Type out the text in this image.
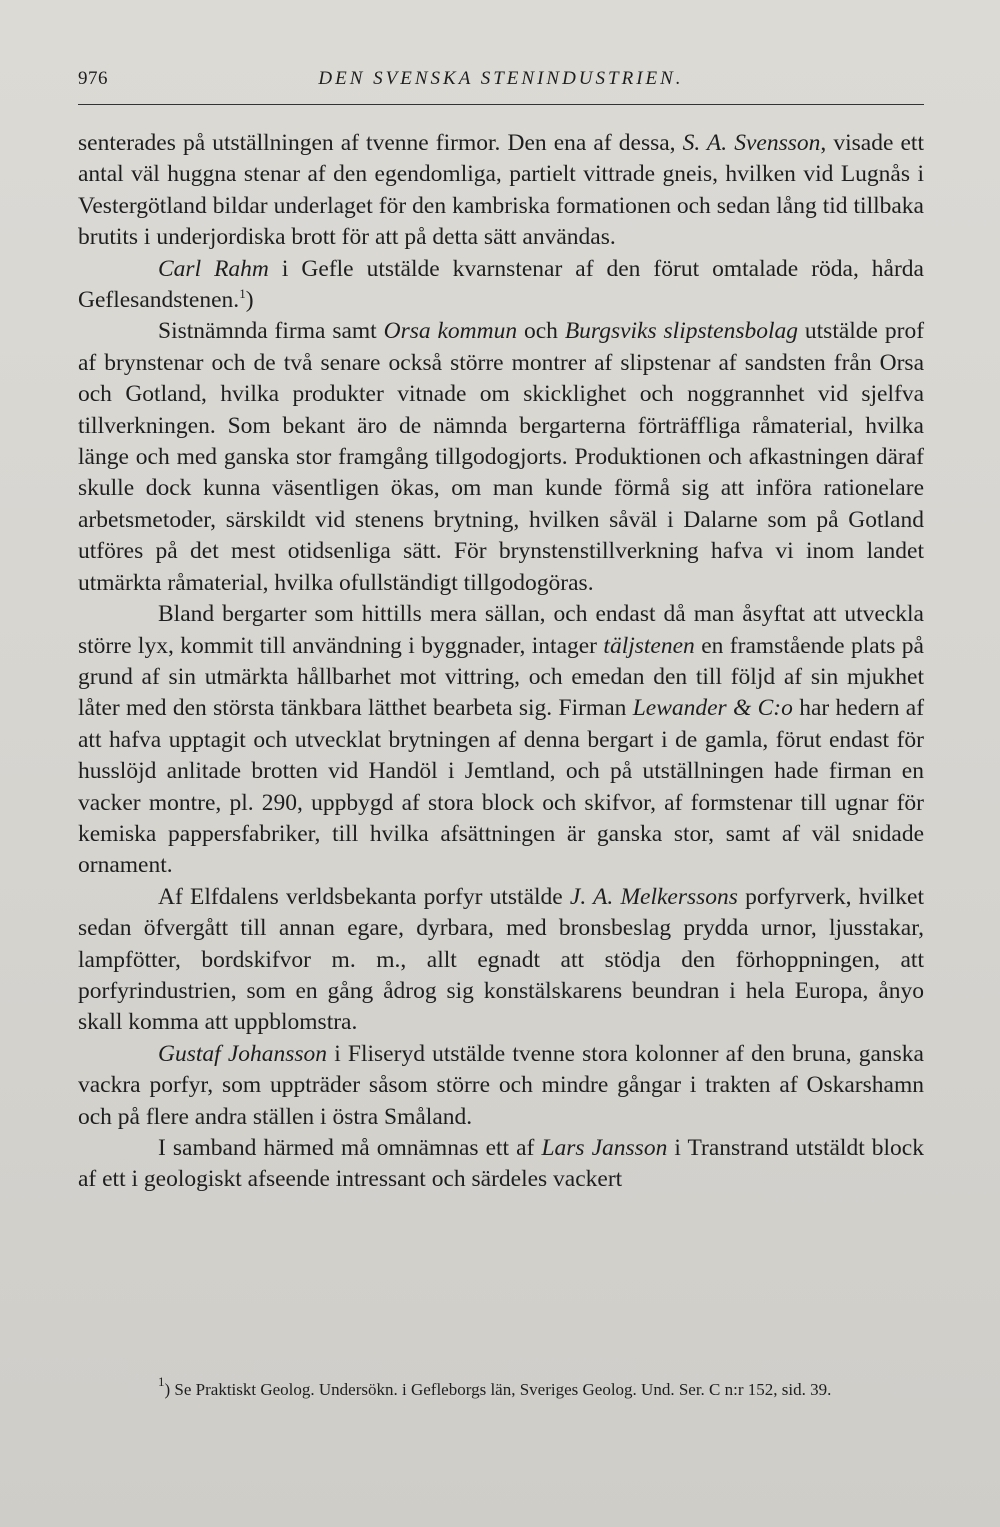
976	DEN SVENSKA STENINDUSTRIEN.

senterades på utställningen af tvenne firmor. Den ena af dessa, S. A. Svensson, visade ett antal väl huggna stenar af den egendomliga, partielt vittrade gneis, hvilken vid Lugnås i Vestergötland bildar underlaget för den kambriska formationen och sedan lång tid tillbaka brutits i underjordiska brott för att på detta sätt användas.

Carl Rahm i Gefle utstälde kvarnstenar af den förut omtalade röda, hårda Geflesandstenen.$^1$)

Sistnämnda firma samt Orsa kommun och Burgsviks slipstensbolag utstälde prof af brynstenar och de två senare också större montrer af slipstenar af sandsten från Orsa och Gotland, hvilka produkter vitnade om skicklighet och noggrannhet vid sjelfva tillverkningen. Som bekant äro de nämnda bergarterna förträffliga råmaterial, hvilka länge och med ganska stor framgång tillgodogjorts. Produktionen och afkastningen däraf skulle dock kunna väsentligen ökas, om man kunde förmå sig att införa rationelare arbetsmetoder, särskildt vid stenens brytning, hvilken såväl i Dalarne som på Gotland utföres på det mest otidsenliga sätt. För brynstenstillverkning hafva vi inom landet utmärkta råmaterial, hvilka ofullständigt tillgodogöras.

Bland bergarter som hittills mera sällan, och endast då man åsyftat att utveckla större lyx, kommit till användning i byggnader, intager täljstenen en framstående plats på grund af sin utmärkta hållbarhet mot vittring, och emedan den till följd af sin mjukhet låter med den största tänkbara lätthet bearbeta sig. Firman Lewander & C:o har hedern af att hafva upptagit och utvecklat brytningen af denna bergart i de gamla, förut endast för husslöjd anlitade brotten vid Handöl i Jemtland, och på utställningen hade firman en vacker montre, pl. 290, uppbygd af stora block och skifvor, af formstenar till ugnar för kemiska pappersfabriker, till hvilka afsättningen är ganska stor, samt af väl snidade ornament.

Af Elfdalens verldsbekanta porfyr utstälde J. A. Melkerssons porfyrverk, hvilket sedan öfvergått till annan egare, dyrbara, med bronsbeslag prydda urnor, ljusstakar, lampfötter, bordskifvor m. m., allt egnadt att stödja den förhoppningen, att porfyrindustrien, som en gång ådrog sig konstälskarens beundran i hela Europa, ånyo skall komma att uppblomstra.

Gustaf Johansson i Fliseryd utstälde tvenne stora kolonner af den bruna, ganska vackra porfyr, som uppträder såsom större och mindre gångar i trakten af Oskarshamn och på flere andra ställen i östra Småland.

I samband härmed må omnämnas ett af Lars Jansson i Transtrand utstäldt block af ett i geologiskt afseende intressant och särdeles vackert

$^1$) Se Praktiskt Geolog. Undersökn. i Gefleborgs län, Sveriges Geolog. Und. Ser. C n:r 152, sid. 39.
